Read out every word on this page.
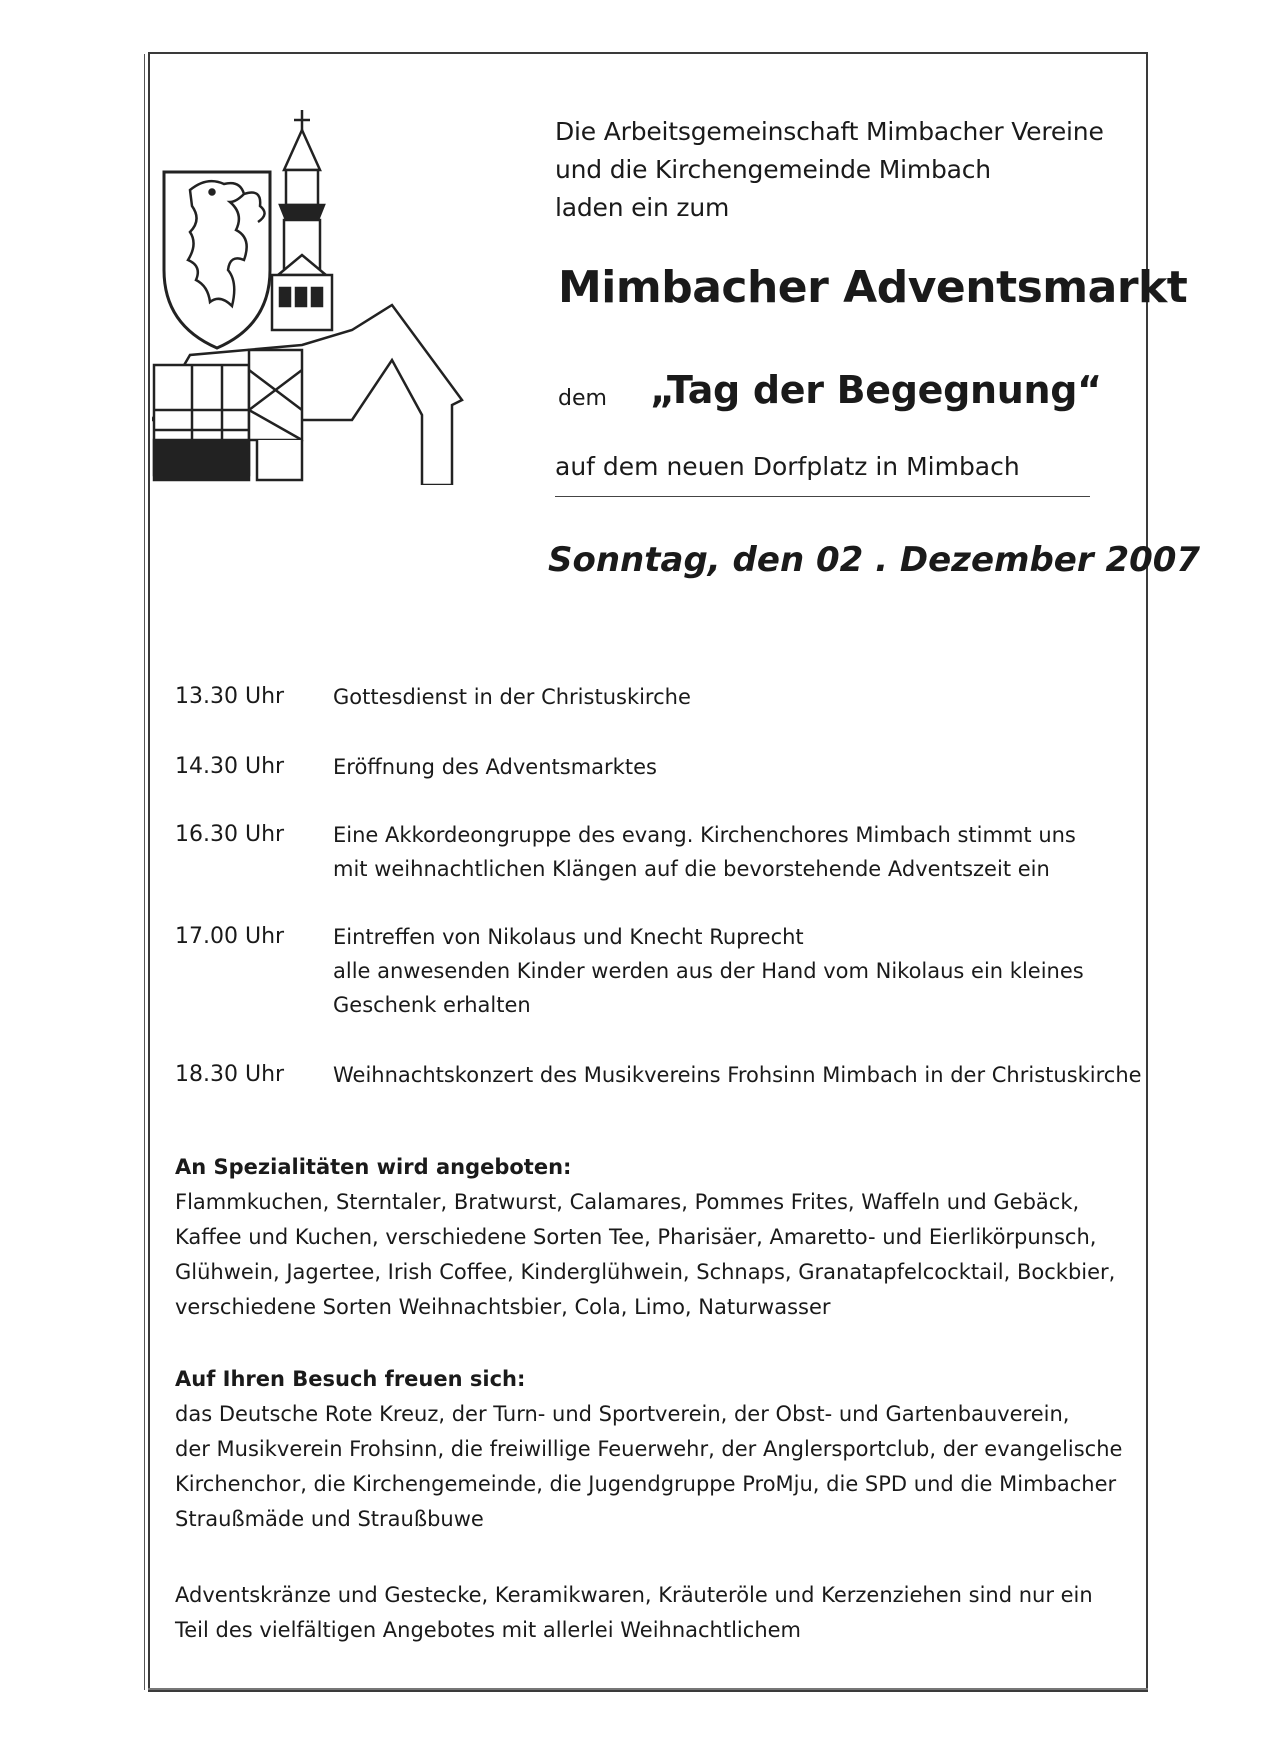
Die Arbeitsgemeinschaft Mimbacher Vereine
und die Kirchengemeinde Mimbach
laden ein zum
Mimbacher Adventsmarkt
dem „Tag der Begegnung“
auf dem neuen Dorfplatz in Mimbach
Sonntag, den 02 . Dezember 2007
13.30 Uhr	Gottesdienst in der Christuskirche
14.30 Uhr	Eröffnung des Adventsmarktes
16.30 Uhr	Eine Akkordeongruppe des evang. Kirchenchores Mimbach stimmt uns
mit weihnachtlichen Klängen auf die bevorstehende Adventszeit ein
17.00 Uhr	Eintreffen von Nikolaus und Knecht Ruprecht
alle anwesenden Kinder werden aus der Hand vom Nikolaus ein kleines
Geschenk erhalten
18.30 Uhr	Weihnachtskonzert des Musikvereins Frohsinn Mimbach in der Christuskirche
An Spezialitäten wird angeboten:
Flammkuchen, Sterntaler, Bratwurst, Calamares, Pommes Frites, Waffeln und Gebäck,
Kaffee und Kuchen, verschiedene Sorten Tee, Pharisäer, Amaretto- und Eierlikörpunsch,
Glühwein, Jagertee, Irish Coffee, Kinderglühwein, Schnaps, Granatapfelcocktail, Bockbier,
verschiedene Sorten Weihnachtsbier, Cola, Limo, Naturwasser
Auf Ihren Besuch freuen sich:
das Deutsche Rote Kreuz, der Turn- und Sportverein, der Obst- und Gartenbauverein,
der Musikverein Frohsinn, die freiwillige Feuerwehr, der Anglersportclub, der evangelische
Kirchenchor, die Kirchengemeinde, die Jugendgruppe ProMju, die SPD und die Mimbacher
Straußmäde und Straußbuwe
Adventskränze und Gestecke, Keramikwaren, Kräuteröle und Kerzenziehen sind nur ein
Teil des vielfältigen Angebotes mit allerlei Weihnachtlichem
